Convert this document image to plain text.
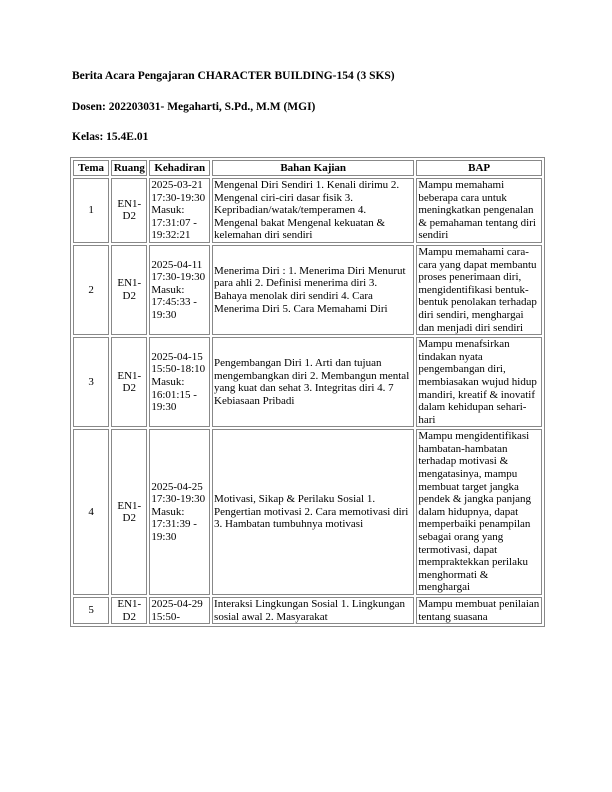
Berita Acara Pengajaran CHARACTER BUILDING-154 (3 SKS)
Dosen: 202203031- Megaharti, S.Pd., M.M (MGI)
Kelas: 15.4E.01
Tema	Ruang	Kehadiran	Bahan Kajian	BAP
1	EN1-D2	2025-03-21 17:30-19:30 Masuk: 17:31:07 - 19:32:21	Mengenal Diri Sendiri 1. Kenali dirimu 2. Mengenal ciri-ciri dasar fisik 3. Kepribadian/watak/temperamen 4. Mengenal bakat Mengenal kekuatan & kelemahan diri sendiri	Mampu memahami beberapa cara untuk meningkatkan pengenalan & pemahaman tentang diri sendiri
2	EN1-D2	2025-04-11 17:30-19:30 Masuk: 17:45:33 - 19:30	Menerima Diri : 1. Menerima Diri Menurut para ahli 2. Definisi menerima diri 3. Bahaya menolak diri sendiri 4. Cara Menerima Diri 5. Cara Memahami Diri	Mampu memahami cara-cara yang dapat membantu proses penerimaan diri, mengidentifikasi bentuk-bentuk penolakan terhadap diri sendiri, menghargai dan menjadi diri sendiri
3	EN1-D2	2025-04-15 15:50-18:10 Masuk: 16:01:15 - 19:30	Pengembangan Diri 1. Arti dan tujuan mengembangkan diri 2. Membangun mental yang kuat dan sehat 3. Integritas diri 4. 7 Kebiasaan Pribadi	Mampu menafsirkan tindakan nyata pengembangan diri, membiasakan wujud hidup mandiri, kreatif & inovatif dalam kehidupan sehari-hari
4	EN1-D2	2025-04-25 17:30-19:30 Masuk: 17:31:39 - 19:30	Motivasi, Sikap & Perilaku Sosial 1. Pengertian motivasi 2. Cara memotivasi diri 3. Hambatan tumbuhnya motivasi	Mampu mengidentifikasi hambatan-hambatan terhadap motivasi & mengatasinya, mampu membuat target jangka pendek & jangka panjang dalam hidupnya, dapat memperbaiki penampilan sebagai orang yang termotivasi, dapat mempraktekkan perilaku menghormati & menghargai
5	EN1-D2	2025-04-29 15:50-	Interaksi Lingkungan Sosial 1. Lingkungan sosial awal 2. Masyarakat	Mampu membuat penilaian tentang suasana
